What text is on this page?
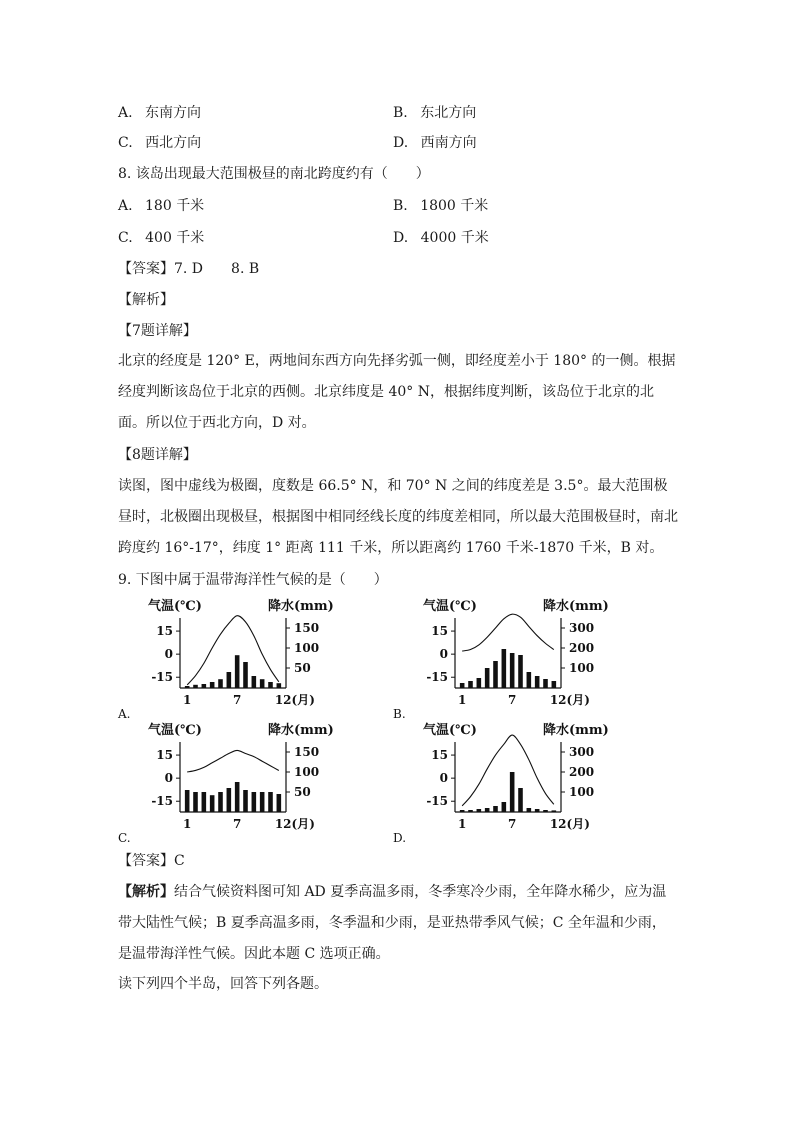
A. 东南方向	B. 东北方向
C. 西北方向	D. 西南方向
8. 该岛出现最大范围极昼的南北跨度约有（　　）
A. 180 千米	B. 1800 千米
C. 400 千米	D. 4000 千米
【答案】7. D　　8. B
【解析】
【7题详解】
北京的经度是 120° E，两地间东西方向先择劣弧一侧，即经度差小于 180° 的一侧。根据经度判断该岛位于北京的西侧。北京纬度是 40° N，根据纬度判断，该岛位于北京的北面。所以位于西北方向，D 对。
【8题详解】
读图，图中虚线为极圈，度数是 66.5° N，和 70° N 之间的纬度差是 3.5°。最大范围极昼时，北极圈出现极昼，根据图中相同经线长度的纬度差相同，所以最大范围极昼时，南北跨度约 16°-17°，纬度 1° 距离 111 千米，所以距离约 1760 千米-1870 千米，B 对。
9. 下图中属于温带海洋性气候的是（　　）
气温(℃)	降水(mm)
15
0
-15
150
100
50
1	7	12(月)
A.
气温(℃)	降水(mm)
15
0
-15
300
200
100
1	7	12(月)
B.
气温(℃)	降水(mm)
15
0
-15
150
100
50
1	7	12(月)
C.
气温(℃)	降水(mm)
15
0
-15
300
200
100
1	7	12(月)
D.
【答案】C
【解析】结合气候资料图可知 AD 夏季高温多雨，冬季寒冷少雨，全年降水稀少，应为温带大陆性气候；B 夏季高温多雨，冬季温和少雨，是亚热带季风气候；C 全年温和少雨，是温带海洋性气候。因此本题 C 选项正确。
读下列四个半岛，回答下列各题。
